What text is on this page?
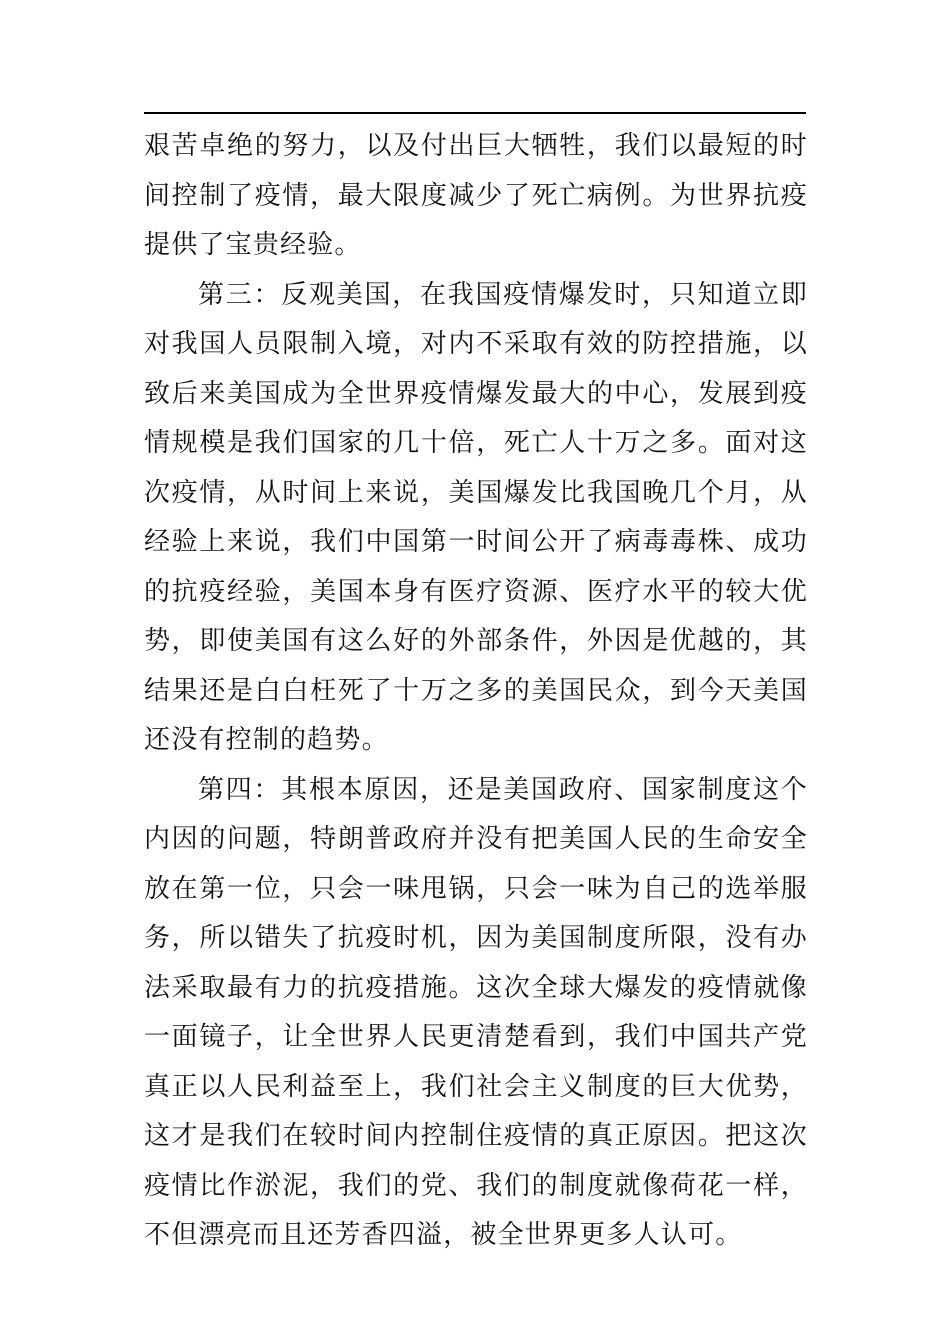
艰苦卓绝的努力，以及付出巨大牺牲，我们以最短的时间控制了疫情，最大限度减少了死亡病例。为世界抗疫提供了宝贵经验。

第三：反观美国，在我国疫情爆发时，只知道立即对我国人员限制入境，对内不采取有效的防控措施，以致后来美国成为全世界疫情爆发最大的中心，发展到疫情规模是我们国家的几十倍，死亡人十万之多。面对这次疫情，从时间上来说，美国爆发比我国晚几个月，从经验上来说，我们中国第一时间公开了病毒毒株、成功的抗疫经验，美国本身有医疗资源、医疗水平的较大优势，即使美国有这么好的外部条件，外因是优越的，其结果还是白白枉死了十万之多的美国民众，到今天美国还没有控制的趋势。

第四：其根本原因，还是美国政府、国家制度这个内因的问题，特朗普政府并没有把美国人民的生命安全放在第一位，只会一味甩锅，只会一味为自己的选举服务，所以错失了抗疫时机，因为美国制度所限，没有办法采取最有力的抗疫措施。这次全球大爆发的疫情就像一面镜子，让全世界人民更清楚看到，我们中国共产党真正以人民利益至上，我们社会主义制度的巨大优势，这才是我们在较时间内控制住疫情的真正原因。把这次疫情比作淤泥，我们的党、我们的制度就像荷花一样，不但漂亮而且还芳香四溢，被全世界更多人认可。
